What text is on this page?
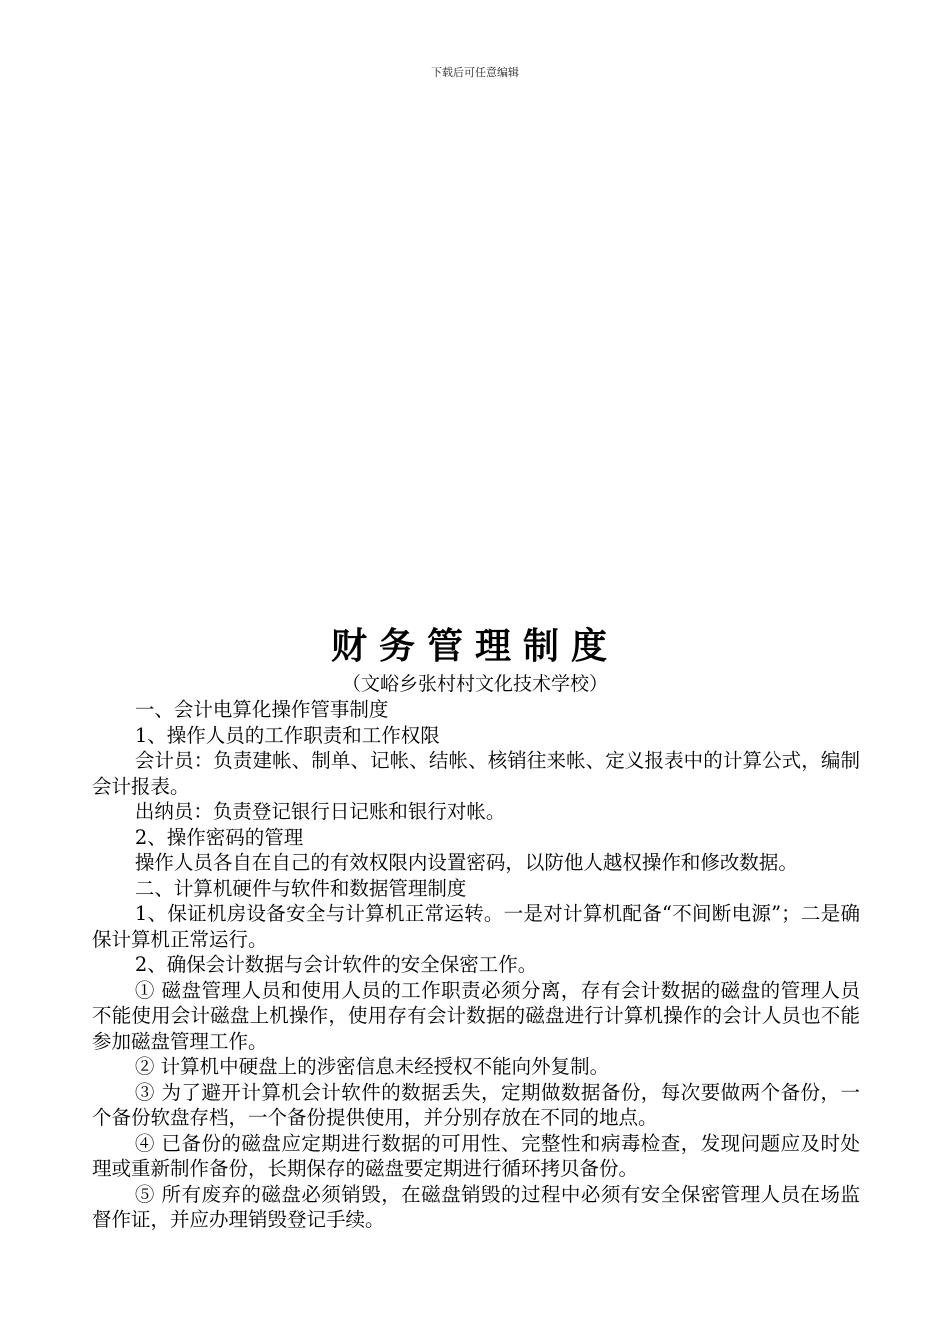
下载后可任意编辑
财务管理制度
（文峪乡张村村文化技术学校）

一、会计电算化操作管事制度

1、操作人员的工作职责和工作权限

会计员：负责建帐、制单、记帐、结帐、核销往来帐、定义报表中的计算公式，编制会计报表。

出纳员：负责登记银行日记账和银行对帐。

2、操作密码的管理

操作人员各自在自己的有效权限内设置密码，以防他人越权操作和修改数据。

二、计算机硬件与软件和数据管理制度

1、保证机房设备安全与计算机正常运转。一是对计算机配备“不间断电源”；二是确保计算机正常运行。

2、确保会计数据与会计软件的安全保密工作。

① 磁盘管理人员和使用人员的工作职责必须分离，存有会计数据的磁盘的管理人员不能使用会计磁盘上机操作，使用存有会计数据的磁盘进行计算机操作的会计人员也不能参加磁盘管理工作。

② 计算机中硬盘上的涉密信息未经授权不能向外复制。

③ 为了避开计算机会计软件的数据丢失，定期做数据备份，每次要做两个备份，一个备份软盘存档，一个备份提供使用，并分别存放在不同的地点。

④ 已备份的磁盘应定期进行数据的可用性、完整性和病毒检查，发现问题应及时处理或重新制作备份，长期保存的磁盘要定期进行循环拷贝备份。

⑤ 所有废弃的磁盘必须销毁，在磁盘销毁的过程中必须有安全保密管理人员在场监督作证，并应办理销毁登记手续。
